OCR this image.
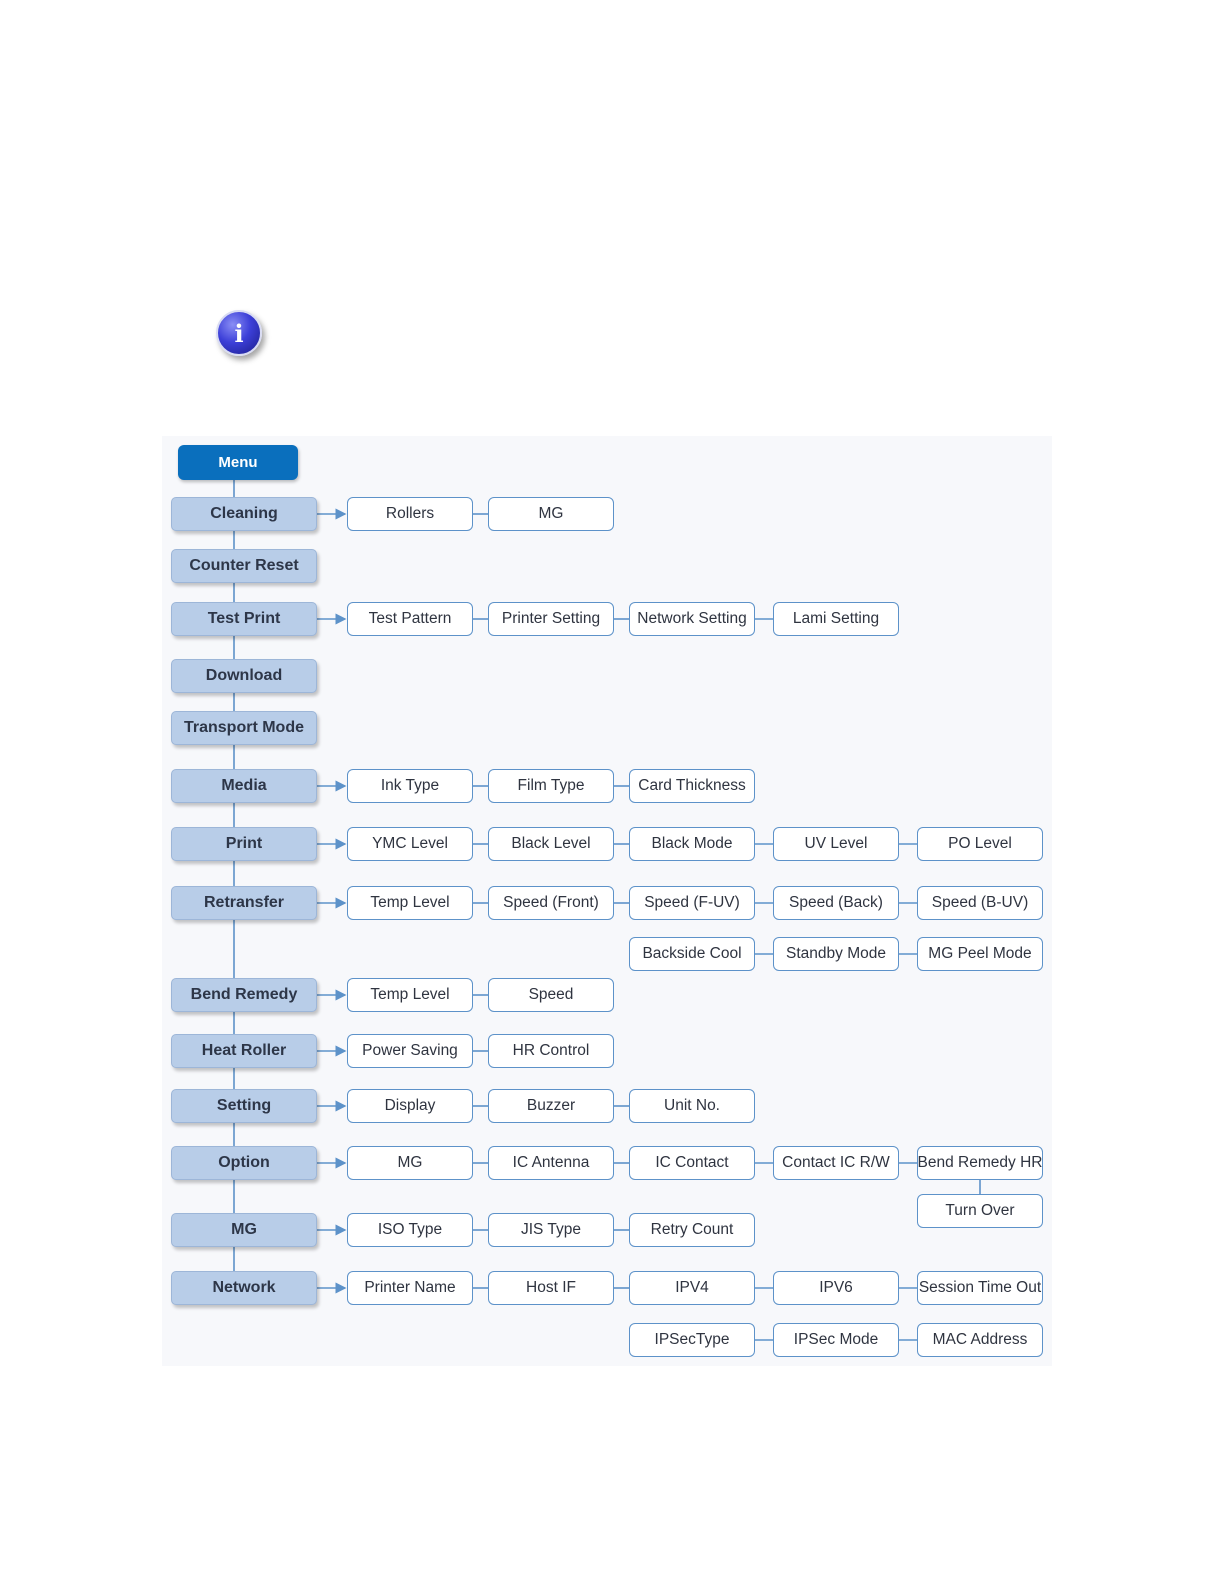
i
Menu
Cleaning	Rollers	MG
Counter Reset
Test Print	Test Pattern	Printer Setting	Network Setting	Lami Setting
Download
Transport Mode
Media	Ink Type	Film Type	Card Thickness
Print	YMC Level	Black Level	Black Mode	UV Level	PO Level
Retransfer	Temp Level	Speed (Front)	Speed (F-UV)	Speed (Back)	Speed (B-UV)
Backside Cool	Standby Mode	MG Peel Mode
Bend Remedy	Temp Level	Speed
Heat Roller	Power Saving	HR Control
Setting	Display	Buzzer	Unit No.
Option	MG	IC Antenna	IC Contact	Contact IC R/W	Bend Remedy HR
Turn Over
MG	ISO Type	JIS Type	Retry Count
Network	Printer Name	Host IF	IPV4	IPV6	Session Time Out
IPSecType	IPSec Mode	MAC Address
